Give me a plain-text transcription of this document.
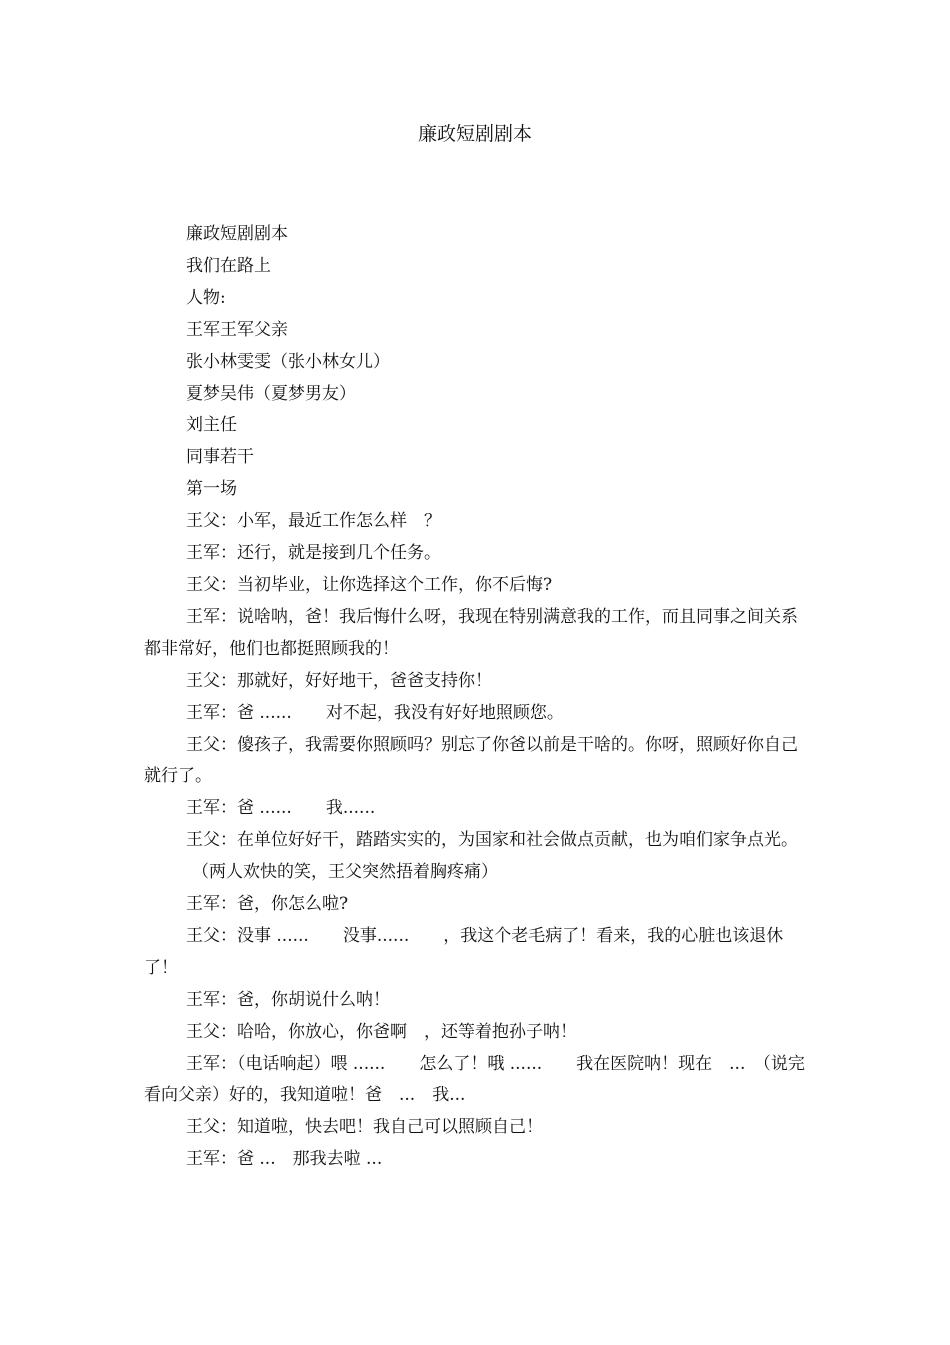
廉政短剧剧本

廉政短剧剧本

我们在路上

人物:

王军王军父亲

张小林雯雯（张小林女儿）

夏梦吴伟（夏梦男友）

刘主任

同事若干

第一场

王父：小军，最近工作怎么样　？

王军：还行，就是接到几个任务。

王父：当初毕业，让你选择这个工作，你不后悔?

王军：说啥呐，爸！我后悔什么呀，我现在特别满意我的工作，而且同事之间关系都非常好，他们也都挺照顾我的！

王父：那就好，好好地干，爸爸支持你！

王军：爸 ......　　对不起，我没有好好地照顾您。

王父：傻孩子，我需要你照顾吗？别忘了你爸以前是干啥的。你呀，照顾好你自己就行了。

王军：爸 ......　　我......

王父：在单位好好干，踏踏实实的，为国家和社会做点贡献，也为咱们家争点光。

（两人欢快的笑，王父突然捂着胸疼痛）

王军：爸，你怎么啦?

王父：没事 ......　　没事......　　，我这个老毛病了！看来，我的心脏也该退休了！

王军：爸，你胡说什么呐！

王父：哈哈，你放心，你爸啊　，还等着抱孙子呐！

王军：（电话响起）喂 ......　　怎么了！哦 ......　　我在医院呐！现在　...　（说完看向父亲）好的，我知道啦！爸　...　我...

王父：知道啦，快去吧！我自己可以照顾自己！

王军：爸 ...　那我去啦 ...
